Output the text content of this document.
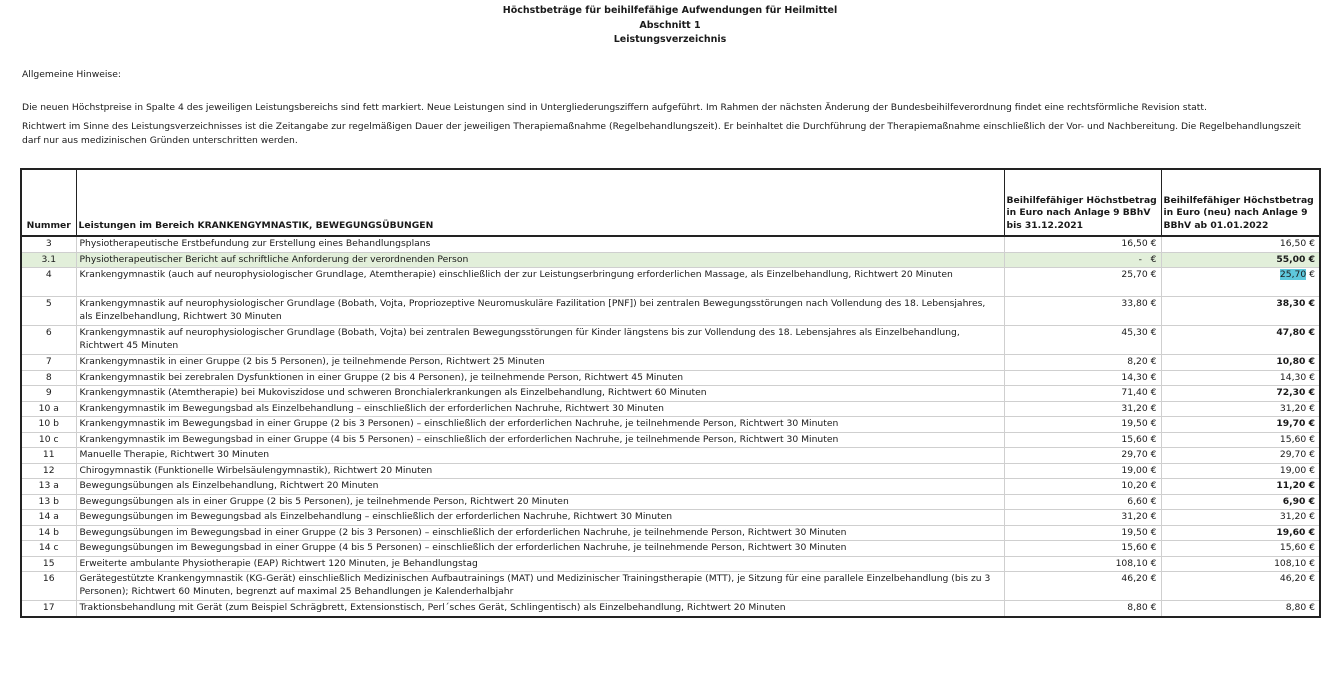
Höchstbeträge für beihilfefähige Aufwendungen für Heilmittel
Abschnitt 1
Leistungsverzeichnis
Allgemeine Hinweise:

Die neuen Höchstpreise in Spalte 4 des jeweiligen Leistungsbereichs sind fett markiert. Neue Leistungen sind in Untergliederungsziffern aufgeführt. Im Rahmen der nächsten Änderung der Bundesbeihilfeverordnung findet eine rechtsförmliche Revision statt.

Richtwert im Sinne des Leistungsverzeichnisses ist die Zeitangabe zur regelmäßigen Dauer der jeweiligen Therapiemaßnahme (Regelbehandlungszeit). Er beinhaltet die Durchführung der Therapiemaßnahme einschließlich der Vor- und Nachbereitung. Die Regelbehandlungszeit darf nur aus medizinischen Gründen unterschritten werden.

Nummer	Leistungen im Bereich KRANKENGYMNASTIK, BEWEGUNGSÜBUNGEN	Beihilfefähiger Höchstbetrag in Euro nach Anlage 9 BBhV bis 31.12.2021	Beihilfefähiger Höchstbetrag in Euro (neu) nach Anlage 9 BBhV ab 01.01.2022
3	Physiotherapeutische Erstbefundung zur Erstellung eines Behandlungsplans	16,50 €	16,50 €
3.1	Physiotherapeutischer Bericht auf schriftliche Anforderung der verordnenden Person	-   €	55,00 €
4	Krankengymnastik (auch auf neurophysiologischer Grundlage, Atemtherapie) einschließlich der zur Leistungserbringung erforderlichen Massage, als Einzelbehandlung, Richtwert 20 Minuten	25,70 €	25,70 €
5	Krankengymnastik auf neurophysiologischer Grundlage (Bobath, Vojta, Propriozeptive Neuromuskuläre Fazilitation [PNF]) bei zentralen Bewegungsstörungen nach Vollendung des 18. Lebensjahres, als Einzelbehandlung, Richtwert 30 Minuten	33,80 €	38,30 €
6	Krankengymnastik auf neurophysiologischer Grundlage (Bobath, Vojta) bei zentralen Bewegungsstörungen für Kinder längstens bis zur Vollendung des 18. Lebensjahres als Einzelbehandlung, Richtwert 45 Minuten	45,30 €	47,80 €
7	Krankengymnastik in einer Gruppe (2 bis 5 Personen), je teilnehmende Person, Richtwert 25 Minuten	8,20 €	10,80 €
8	Krankengymnastik bei zerebralen Dysfunktionen in einer Gruppe (2 bis 4 Personen), je teilnehmende Person, Richtwert 45 Minuten	14,30 €	14,30 €
9	Krankengymnastik (Atemtherapie) bei Mukoviszidose und schweren Bronchialerkrankungen als Einzelbehandlung, Richtwert 60 Minuten	71,40 €	72,30 €
10 a	Krankengymnastik im Bewegungsbad als Einzelbehandlung – einschließlich der erforderlichen Nachruhe, Richtwert 30 Minuten	31,20 €	31,20 €
10 b	Krankengymnastik im Bewegungsbad in einer Gruppe (2 bis 3 Personen) – einschließlich der erforderlichen Nachruhe, je teilnehmende Person, Richtwert 30 Minuten	19,50 €	19,70 €
10 c	Krankengymnastik im Bewegungsbad in einer Gruppe (4 bis 5 Personen) – einschließlich der erforderlichen Nachruhe, je teilnehmende Person, Richtwert 30 Minuten	15,60 €	15,60 €
11	Manuelle Therapie, Richtwert 30 Minuten	29,70 €	29,70 €
12	Chirogymnastik (Funktionelle Wirbelsäulengymnastik), Richtwert 20 Minuten	19,00 €	19,00 €
13 a	Bewegungsübungen als Einzelbehandlung, Richtwert 20 Minuten	10,20 €	11,20 €
13 b	Bewegungsübungen als in einer Gruppe (2 bis 5 Personen), je teilnehmende Person, Richtwert 20 Minuten	6,60 €	6,90 €
14 a	Bewegungsübungen im Bewegungsbad als Einzelbehandlung – einschließlich der erforderlichen Nachruhe, Richtwert 30 Minuten	31,20 €	31,20 €
14 b	Bewegungsübungen im Bewegungsbad in einer Gruppe (2 bis 3 Personen) – einschließlich der erforderlichen Nachruhe, je teilnehmende Person, Richtwert 30 Minuten	19,50 €	19,60 €
14 c	Bewegungsübungen im Bewegungsbad in einer Gruppe (4 bis 5 Personen) – einschließlich der erforderlichen Nachruhe, je teilnehmende Person, Richtwert 30 Minuten	15,60 €	15,60 €
15	Erweiterte ambulante Physiotherapie (EAP) Richtwert 120 Minuten, je Behandlungstag	108,10 €	108,10 €
16	Gerätegestützte Krankengymnastik (KG-Gerät) einschließlich Medizinischen Aufbautrainings (MAT) und Medizinischer Trainingstherapie (MTT), je Sitzung für eine parallele Einzelbehandlung (bis zu 3 Personen); Richtwert 60 Minuten, begrenzt auf maximal 25 Behandlungen je Kalenderhalbjahr	46,20 €	46,20 €
17	Traktionsbehandlung mit Gerät (zum Beispiel Schrägbrett, Extensionstisch, Perl´sches Gerät, Schlingentisch) als Einzelbehandlung, Richtwert 20 Minuten	8,80 €	8,80 €
